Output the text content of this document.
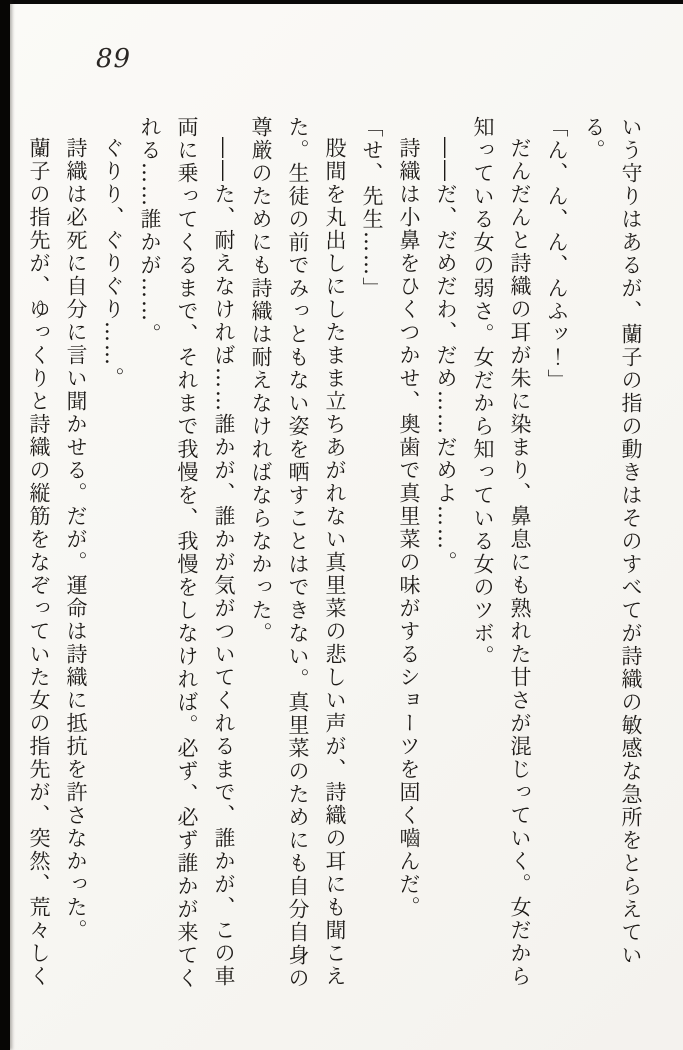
89

いう守りはあるが、蘭子の指の動きはそのすべてが詩織の敏感な急所をとらえている。

「ん、ん、ん、んふッ！」

だんだんと詩織の耳が朱に染まり、鼻息にも熟れた甘さが混じっていく。女だから知っている女の弱さ。女だから知っている女のツボ。

――だ、だめだわ、だめ……だめよ……。

詩織は小鼻をひくつかせ、奥歯で真里菜の味がするショーツを固く嚙んだ。

「せ、先生……」

股間を丸出しにしたまま立ちあがれない真里菜の悲しい声が、詩織の耳にも聞こえた。生徒の前でみっともない姿を晒すことはできない。真里菜のためにも自分自身の尊厳のためにも詩織は耐えなければならなかった。

――た、耐えなければ……誰かが、誰かが気がついてくれるまで、誰かが、この車両に乗ってくるまで、それまで我慢を、我慢をしなければ。必ず、必ず誰かが来てくれる……誰かが……。

ぐりり、ぐりぐり……。

詩織は必死に自分に言い聞かせる。だが。運命は詩織に抵抗を許さなかった。

蘭子の指先が、ゆっくりと詩織の縦筋をなぞっていた女の指先が、突然、荒々しく
